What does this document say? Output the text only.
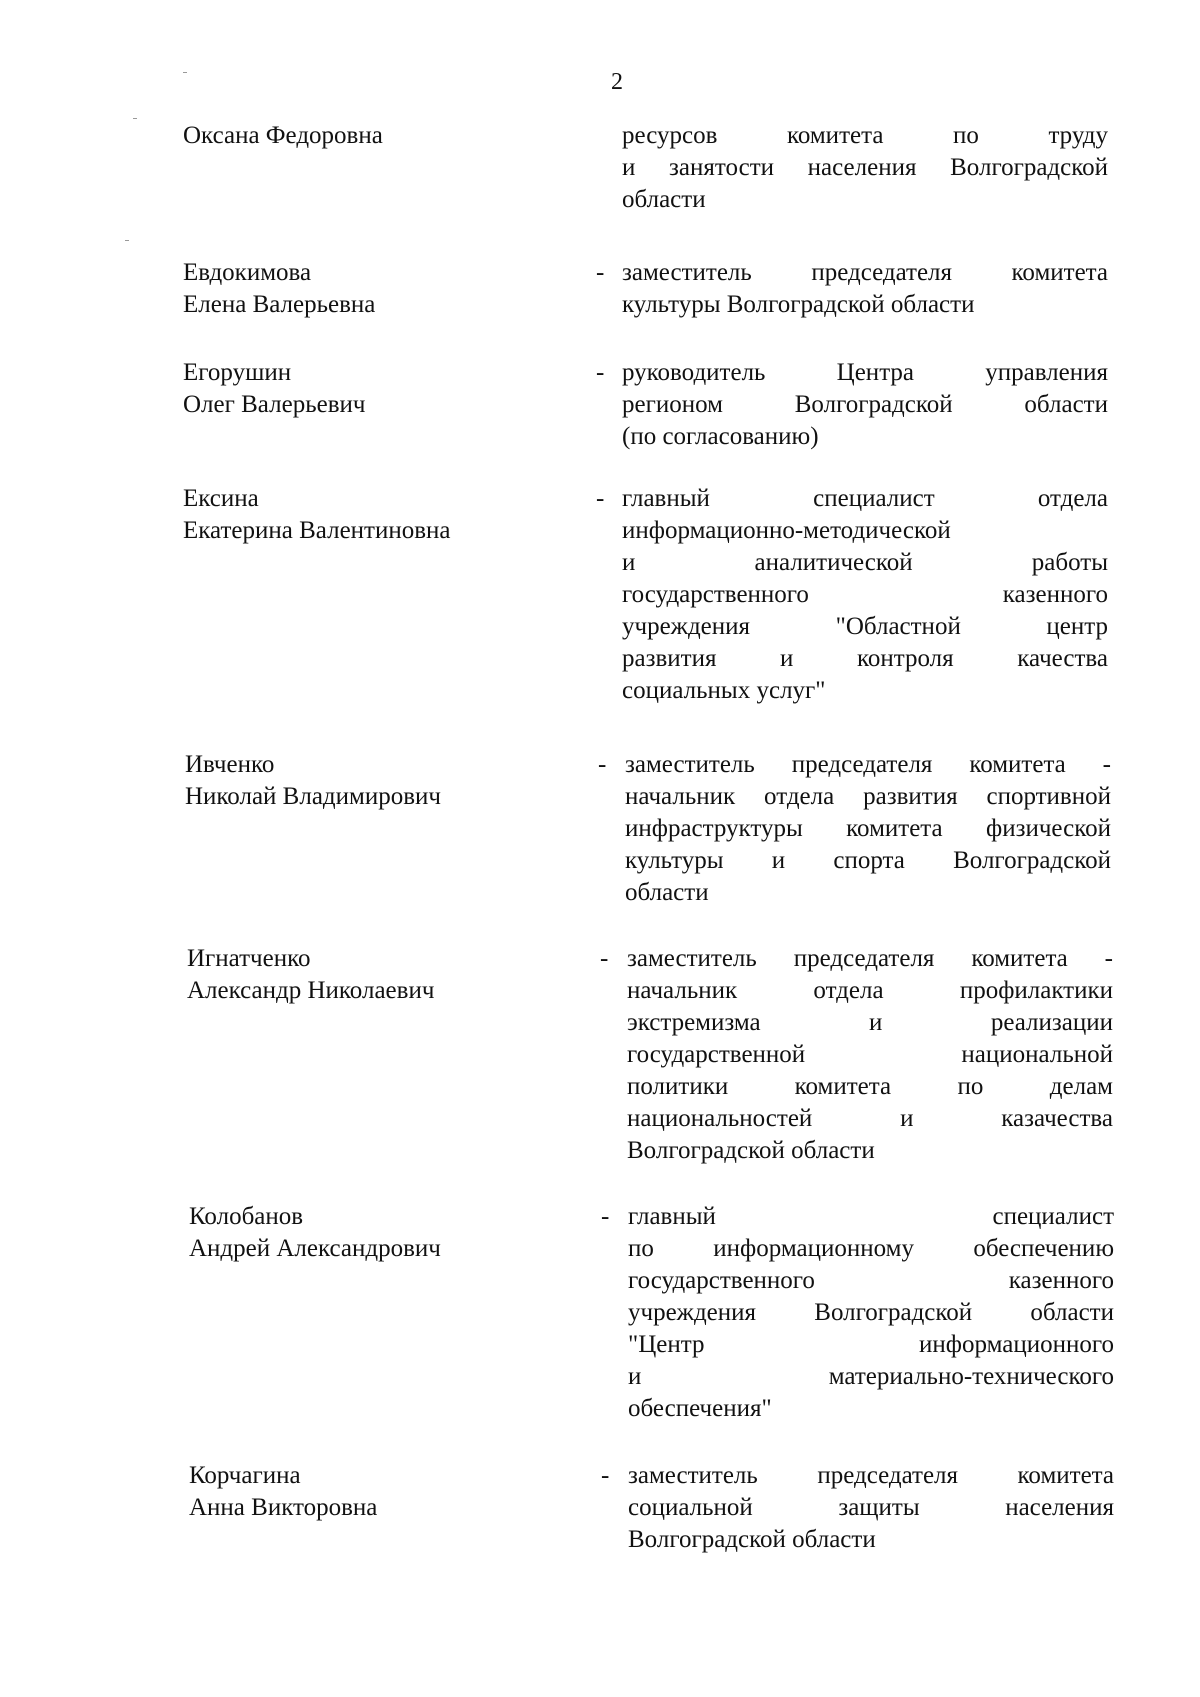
2
Оксана Федоровна	ресурсов комитета по труду
и занятости населения Волгоградской
области
Евдокимова
Елена Валерьевна
- заместитель председателя комитета
культуры Волгоградской области
Егорушин
Олег Валерьевич
- руководитель Центра управления
регионом Волгоградской области
(по согласованию)
Ексина
Екатерина Валентиновна
- главный специалист отдела
информационно-методической
и аналитической работы
государственного казенного
учреждения "Областной центр
развития и контроля качества
социальных услуг"
Ивченко
Николай Владимирович
- заместитель председателя комитета -
начальник отдела развития спортивной
инфраструктуры комитета физической
культуры и спорта Волгоградской
области
Игнатченко
Александр Николаевич
- заместитель председателя комитета -
начальник отдела профилактики
экстремизма и реализации
государственной национальной
политики комитета по делам
национальностей и казачества
Волгоградской области
Колобанов
Андрей Александрович
- главный специалист
по информационному обеспечению
государственного казенного
учреждения Волгоградской области
"Центр информационного
и материально-технического
обеспечения"
Корчагина
Анна Викторовна
- заместитель председателя комитета
социальной защиты населения
Волгоградской области
